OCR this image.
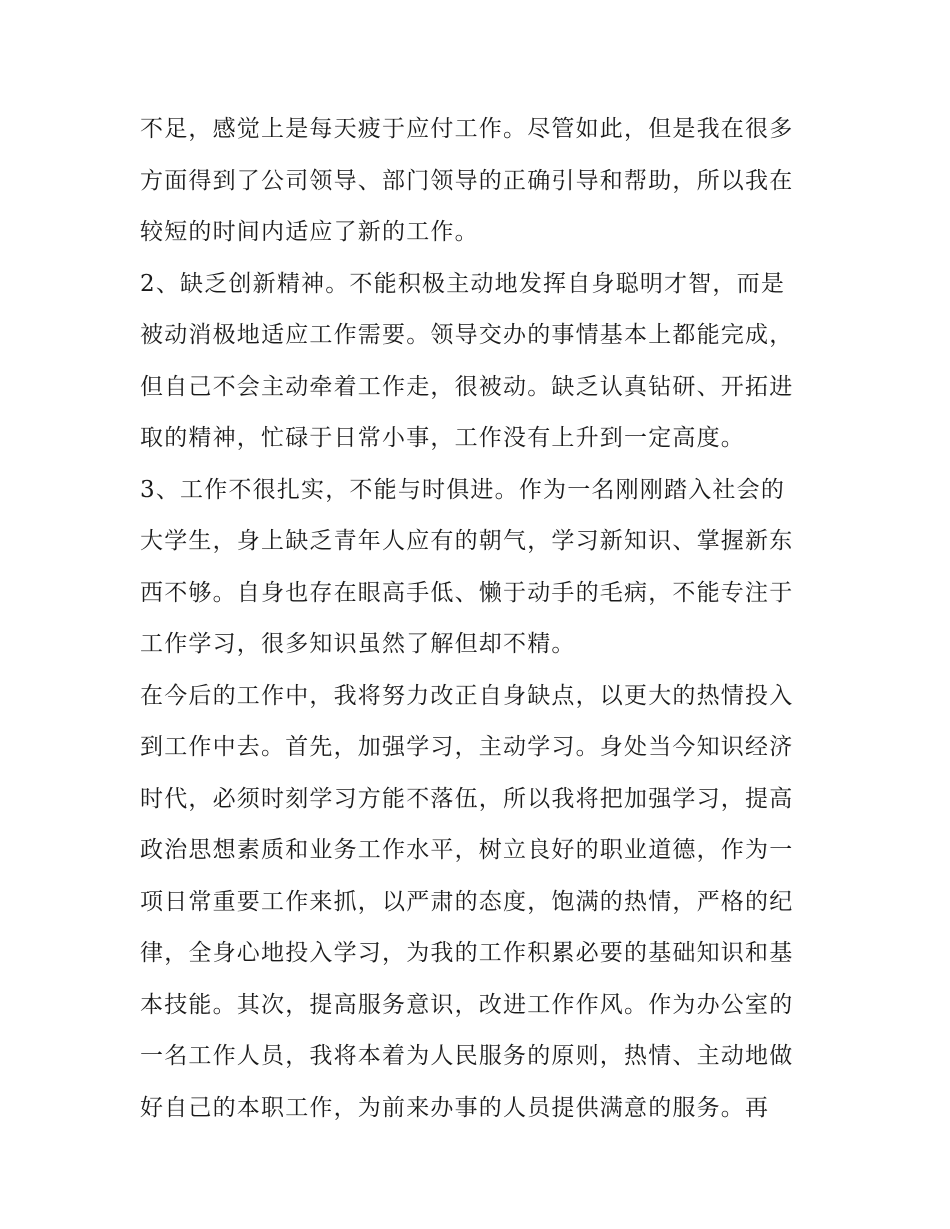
不足，感觉上是每天疲于应付工作。尽管如此，但是我在很多
方面得到了公司领导、部门领导的正确引导和帮助，所以我在
较短的时间内适应了新的工作。
2、缺乏创新精神。不能积极主动地发挥自身聪明才智，而是
被动消极地适应工作需要。领导交办的事情基本上都能完成，
但自己不会主动牵着工作走，很被动。缺乏认真钻研、开拓进
取的精神，忙碌于日常小事，工作没有上升到一定高度。
3、工作不很扎实，不能与时俱进。作为一名刚刚踏入社会的
大学生，身上缺乏青年人应有的朝气，学习新知识、掌握新东
西不够。自身也存在眼高手低、懒于动手的毛病，不能专注于
工作学习，很多知识虽然了解但却不精。
在今后的工作中，我将努力改正自身缺点，以更大的热情投入
到工作中去。首先，加强学习，主动学习。身处当今知识经济
时代，必须时刻学习方能不落伍，所以我将把加强学习，提高
政治思想素质和业务工作水平，树立良好的职业道德，作为一
项日常重要工作来抓，以严肃的态度，饱满的热情，严格的纪
律，全身心地投入学习，为我的工作积累必要的基础知识和基
本技能。其次，提高服务意识，改进工作作风。作为办公室的
一名工作人员，我将本着为人民服务的原则，热情、主动地做
好自己的本职工作，为前来办事的人员提供满意的服务。再
